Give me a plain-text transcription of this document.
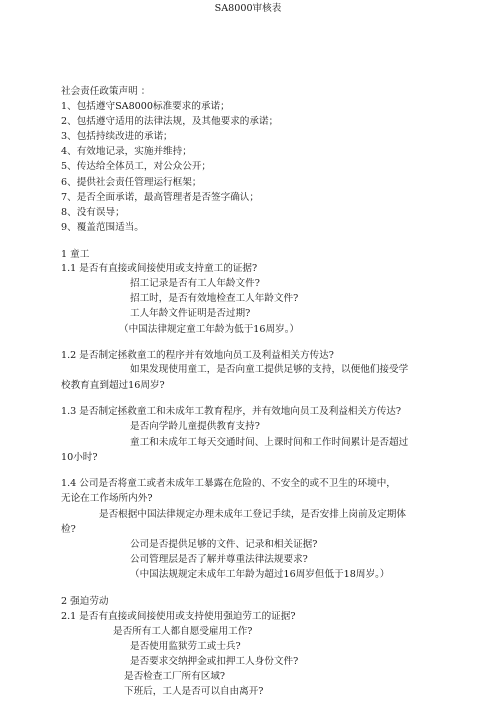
SA8000审核表
社会责任政策声明 ：
1、包括遵守SA8000标准要求的承诺；
2、包括遵守适用的法律法规，及其他要求的承诺；
3、包括持续改进的承诺；
4、有效地记录，实施并维持；
5、传达给全体员工，对公众公开；
6、提供社会责任管理运行框架；
7、是否全面承诺，最高管理者是否签字确认；
8、没有误导；
9、覆盖范围适当。
1 童工
1.1 是否有直接或间接使用或支持童工的证据?
招工记录是否有工人年龄文件?
招工时，是否有效地检查工人年龄文件?
工人年龄文件证明是否过期?
（中国法律规定童工年龄为低于16周岁。）
1.2 是否制定拯救童工的程序并有效地向员工及利益相关方传达?
如果发现使用童工，是否向童工提供足够的支持，以便他们接受学
校教育直到超过16周岁?
1.3 是否制定拯救童工和未成年工教育程序，并有效地向员工及利益相关方传达?
是否向学龄儿童提供教育支持?
童工和未成年工每天交通时间、上课时间和工作时间累计是否超过
10小时?
1.4 公司是否将童工或者未成年工暴露在危险的、不安全的或不卫生的环境中，
无论在工作场所内外?
是否根据中国法律规定办理未成年工登记手续，是否安排上岗前及定期体
检?
公司是否提供足够的文件、记录和相关证据?
公司管理层是否了解并尊重法律法规要求?
（中国法规规定未成年工年龄为超过16周岁但低于18周岁。）
2 强迫劳动
2.1 是否有直接或间接使用或支持使用强迫劳工的证据?
是否所有工人都自愿受雇用工作?
是否使用监狱劳工或士兵?
是否要求交纳押金或扣押工人身份文件?
是否检查工厂所有区域?
下班后，工人是否可以自由离开?
